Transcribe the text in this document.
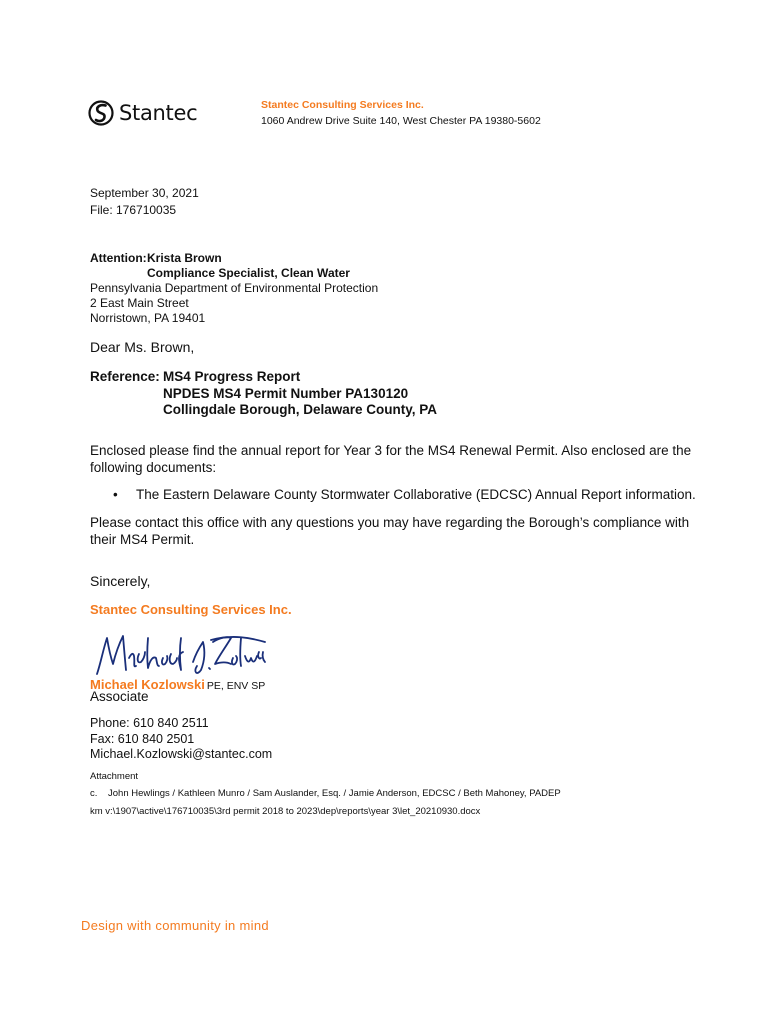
Stantec	Stantec Consulting Services Inc.
1060 Andrew Drive Suite 140, West Chester PA 19380-5602
September 30, 2021
File: 176710035
Attention:Krista Brown
Compliance Specialist, Clean Water
Pennsylvania Department of Environmental Protection
2 East Main Street
Norristown, PA 19401
Dear Ms. Brown,
Reference: MS4 Progress Report
NPDES MS4 Permit Number PA130120
Collingdale Borough, Delaware County, PA
Enclosed please find the annual report for Year 3 for the MS4 Renewal Permit. Also enclosed are the following documents:
• The Eastern Delaware County Stormwater Collaborative (EDCSC) Annual Report information.
Please contact this office with any questions you may have regarding the Borough’s compliance with their MS4 Permit.
Sincerely,
Stantec Consulting Services Inc.
Michael Kozlowski PE, ENV SP
Associate
Phone: 610 840 2511
Fax: 610 840 2501
Michael.Kozlowski@stantec.com
Attachment
c. John Hewlings / Kathleen Munro / Sam Auslander, Esq. / Jamie Anderson, EDCSC / Beth Mahoney, PADEP
km v:\1907\active\176710035\3rd permit 2018 to 2023\dep\reports\year 3\let_20210930.docx
Design with community in mind
